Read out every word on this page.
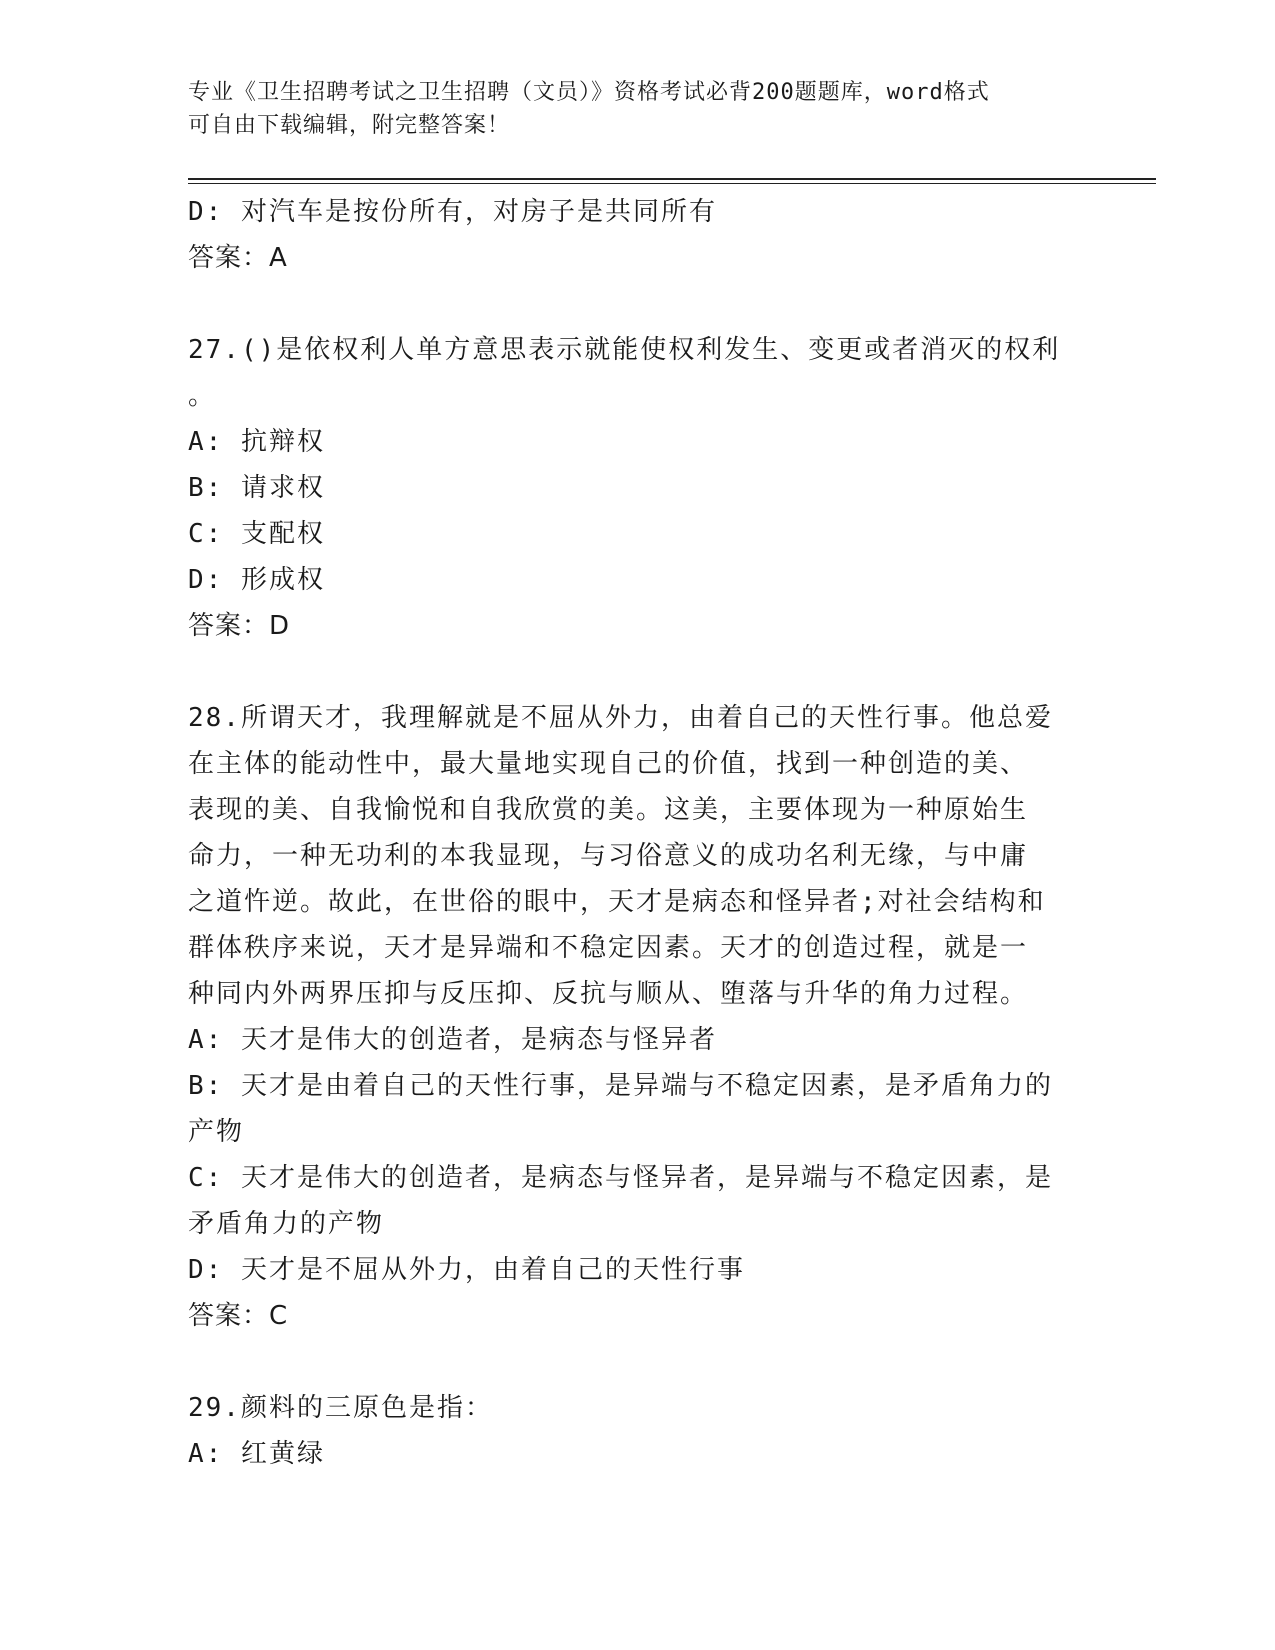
专业《卫生招聘考试之卫生招聘（文员）》资格考试必背200题题库，word格式
可自由下载编辑，附完整答案！
D: 对汽车是按份所有，对房子是共同所有
答案：A
27.()是依权利人单方意思表示就能使权利发生、变更或者消灭的权利
。
A: 抗辩权
B: 请求权
C: 支配权
D: 形成权
答案：D
28.所谓天才，我理解就是不屈从外力，由着自己的天性行事。他总爱
在主体的能动性中，最大量地实现自己的价值，找到一种创造的美、
表现的美、自我愉悦和自我欣赏的美。这美，主要体现为一种原始生
命力，一种无功利的本我显现，与习俗意义的成功名利无缘，与中庸
之道忤逆。故此，在世俗的眼中，天才是病态和怪异者;对社会结构和
群体秩序来说，天才是异端和不稳定因素。天才的创造过程，就是一
种同内外两界压抑与反压抑、反抗与顺从、堕落与升华的角力过程。
A: 天才是伟大的创造者，是病态与怪异者
B: 天才是由着自己的天性行事，是异端与不稳定因素，是矛盾角力的
产物
C: 天才是伟大的创造者，是病态与怪异者，是异端与不稳定因素，是
矛盾角力的产物
D: 天才是不屈从外力，由着自己的天性行事
答案：C
29.颜料的三原色是指：
A: 红黄绿
